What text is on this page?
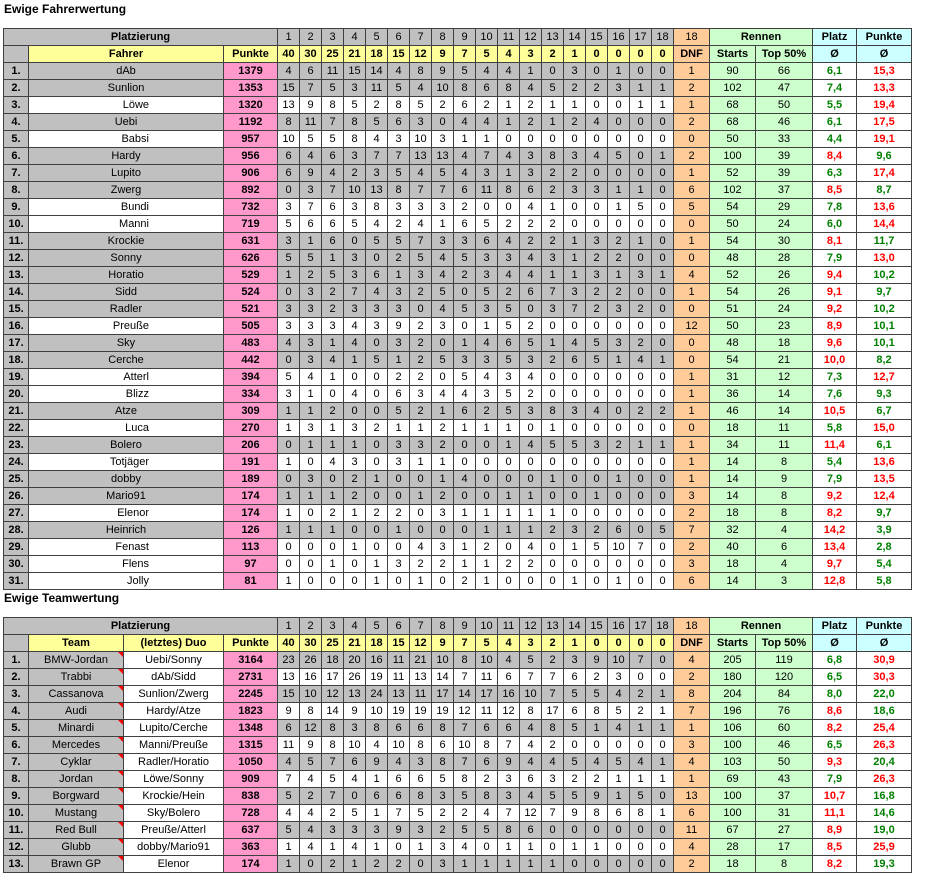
Ewige Fahrerwertung
Platzierung			1	2	3	4	5	6	7	8	9	10	11	12	13	14	15	16	17	18	18	Rennen		Platz	Punkte
	Fahrer	Punkte	40	30	25	21	18	15	12	9	7	5	4	3	2	1	0	0	0	0	DNF	Starts	Top 50%	Ø	Ø
1.	dAb	1379	4	6	11	15	14	4	8	9	5	4	4	1	0	3	0	1	0	0	1	90	66	6,1	15,3
2.	Sunlion	1353	15	7	5	3	11	5	4	10	8	6	8	4	5	2	2	3	1	1	2	102	47	7,4	13,3
3.	Löwe	1320	13	9	8	5	2	8	5	2	6	2	1	2	1	1	0	0	1	1	1	68	50	5,5	19,4
4.	Uebi	1192	8	11	7	8	5	6	3	0	4	4	1	2	1	2	4	0	0	0	2	68	46	6,1	17,5
5.	Babsi	957	10	5	5	8	4	3	10	3	1	1	0	0	0	0	0	0	0	0	0	50	33	4,4	19,1
6.	Hardy	956	6	4	6	3	7	7	13	13	4	7	4	3	8	3	4	5	0	1	2	100	39	8,4	9,6
7.	Lupito	906	6	9	4	2	3	5	4	5	4	3	1	3	2	2	0	0	0	0	1	52	39	6,3	17,4
8.	Zwerg	892	0	3	7	10	13	8	7	7	6	11	8	6	2	3	3	1	1	0	6	102	37	8,5	8,7
9.	Bundi	732	3	7	6	3	8	3	3	3	2	0	0	4	1	0	0	1	5	0	5	54	29	7,8	13,6
10.	Manni	719	5	6	6	5	4	2	4	1	6	5	2	2	2	0	0	0	0	0	0	50	24	6,0	14,4
11.	Krockie	631	3	1	6	0	5	5	7	3	3	6	4	2	2	1	3	2	1	0	1	54	30	8,1	11,7
12.	Sonny	626	5	5	1	3	0	2	5	4	5	3	3	4	3	1	2	2	0	0	0	48	28	7,9	13,0
13.	Horatio	529	1	2	5	3	6	1	3	4	2	3	4	4	1	1	3	1	3	1	4	52	26	9,4	10,2
14.	Sidd	524	0	3	2	7	4	3	2	5	0	5	2	6	7	3	2	2	0	0	1	54	26	9,1	9,7
15.	Radler	521	3	3	2	3	3	3	0	4	5	3	5	0	3	7	2	3	2	0	0	51	24	9,2	10,2
16.	Preuße	505	3	3	3	4	3	9	2	3	0	1	5	2	0	0	0	0	0	0	12	50	23	8,9	10,1
17.	Sky	483	4	3	1	4	0	3	2	0	1	4	6	5	1	4	5	3	2	0	0	48	18	9,6	10,1
18.	Cerche	442	0	3	4	1	5	1	2	5	3	3	5	3	2	6	5	1	4	1	0	54	21	10,0	8,2
19.	Atterl	394	5	4	1	0	0	2	2	0	5	4	3	4	0	0	0	0	0	0	1	31	12	7,3	12,7
20.	Blizz	334	3	1	0	4	0	6	3	4	4	3	5	2	0	0	0	0	0	0	1	36	14	7,6	9,3
21.	Atze	309	1	1	2	0	0	5	2	1	6	2	5	3	8	3	4	0	2	2	1	46	14	10,5	6,7
22.	Luca	270	1	3	1	3	2	1	1	2	1	1	1	0	1	0	0	0	0	0	0	18	11	5,8	15,0
23.	Bolero	206	0	1	1	1	0	3	3	2	0	0	1	4	5	5	3	2	1	1	1	34	11	11,4	6,1
24.	Totjäger	191	1	0	4	3	0	3	1	1	0	0	0	0	0	0	0	0	0	0	1	14	8	5,4	13,6
25.	dobby	189	0	3	0	2	1	0	0	1	4	0	0	0	1	0	0	1	0	0	1	14	9	7,9	13,5
26.	Mario91	174	1	1	1	2	0	0	1	2	0	0	1	1	0	0	1	0	0	0	3	14	8	9,2	12,4
27.	Elenor	174	1	0	2	1	2	2	0	3	1	1	1	1	1	0	0	0	0	0	2	18	8	8,2	9,7
28.	Heinrich	126	1	1	1	0	0	1	0	0	0	1	1	1	2	3	2	6	0	5	7	32	4	14,2	3,9
29.	Fenast	113	0	0	0	1	0	0	4	3	1	2	0	4	0	1	5	10	7	0	2	40	6	13,4	2,8
30.	Flens	97	0	0	1	0	1	3	2	2	1	1	2	2	0	0	0	0	0	0	3	18	4	9,7	5,4
31.	Jolly	81	1	0	0	0	1	0	1	0	2	1	0	0	0	1	0	1	0	0	6	14	3	12,8	5,8
Ewige Teamwertung
Platzierung				1	2	3	4	5	6	7	8	9	10	11	12	13	14	15	16	17	18	18	Rennen		Platz	Punkte
	Team	(letztes) Duo	Punkte	40	30	25	21	18	15	12	9	7	5	4	3	2	1	0	0	0	0	DNF	Starts	Top 50%	Ø	Ø
1.	BMW-Jordan	Uebi/Sonny	3164	23	26	18	20	16	11	21	10	8	10	4	5	2	3	9	10	7	0	4	205	119	6,8	30,9
2.	Trabbi	dAb/Sidd	2731	13	16	17	26	19	11	13	14	7	11	6	7	7	6	2	3	0	0	2	180	120	6,5	30,3
3.	Cassanova	Sunlion/Zwerg	2245	15	10	12	13	24	13	11	17	14	17	16	10	7	5	5	4	2	1	8	204	84	8,0	22,0
4.	Audi	Hardy/Atze	1823	9	8	14	9	10	19	19	19	12	11	12	8	17	6	8	5	2	1	7	196	76	8,6	18,6
5.	Minardi	Lupito/Cerche	1348	6	12	8	3	8	6	6	8	7	6	6	4	8	5	1	4	1	1	1	106	60	8,2	25,4
6.	Mercedes	Manni/Preuße	1315	11	9	8	10	4	10	8	6	10	8	7	4	2	0	0	0	0	0	3	100	46	6,5	26,3
7.	Cyklar	Radler/Horatio	1050	4	5	7	6	9	4	3	8	7	6	9	4	4	5	4	5	4	1	4	103	50	9,3	20,4
8.	Jordan	Löwe/Sonny	909	7	4	5	4	1	6	6	5	8	2	3	6	3	2	2	1	1	1	1	69	43	7,9	26,3
9.	Borgward	Krockie/Hein	838	5	2	7	0	6	6	8	3	5	8	3	4	5	5	9	1	5	0	13	100	37	10,7	16,8
10.	Mustang	Sky/Bolero	728	4	4	2	5	1	7	5	2	2	4	7	12	7	9	8	6	8	1	6	100	31	11,1	14,6
11.	Red Bull	Preuße/Atterl	637	5	4	3	3	3	9	3	2	5	5	8	6	0	0	0	0	0	0	11	67	27	8,9	19,0
12.	Glubb	dobby/Mario91	363	1	4	1	4	1	0	1	3	4	0	1	1	0	1	1	0	0	0	4	28	17	8,5	25,9
13.	Brawn GP	Elenor	174	1	0	2	1	2	2	0	3	1	1	1	1	1	0	0	0	0	0	2	18	8	8,2	19,3
